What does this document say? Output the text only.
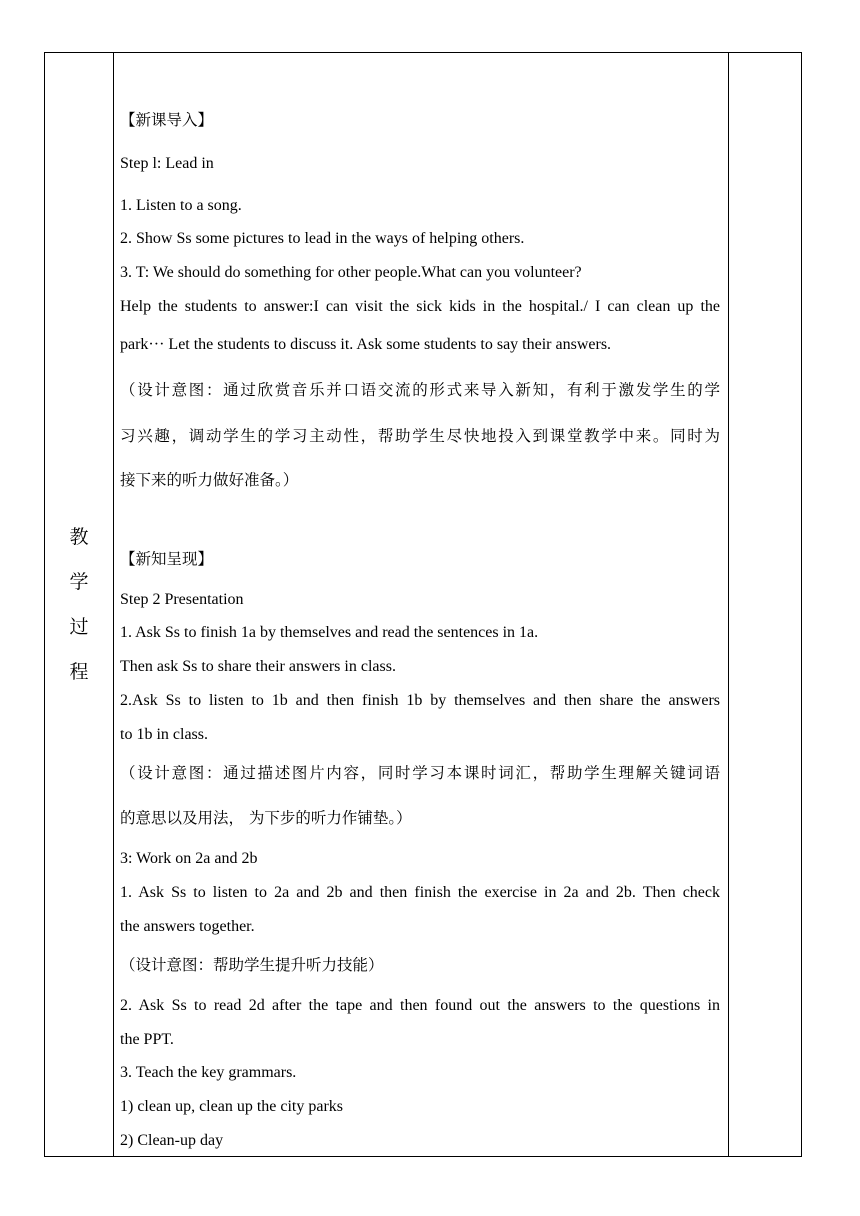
教
学
过
程
【新课导入】
Step l: Lead in
1. Listen to a song.
2. Show Ss some pictures to lead in the ways of helping others.
3. T: We should do something for other people.What can you volunteer?
Help the students to answer:I can visit the sick kids in the hospital./ I can clean up the
park··· Let the students to discuss it. Ask some students to say their answers.
（设计意图：通过欣赏音乐并口语交流的形式来导入新知，有利于激发学生的学
习兴趣，调动学生的学习主动性，帮助学生尽快地投入到课堂教学中来。同时为
接下来的听力做好准备。）
【新知呈现】
Step 2 Presentation
1. Ask Ss to finish 1a by themselves and read the sentences in 1a.
Then ask Ss to share their answers in class.
2.Ask Ss to listen to 1b and then finish 1b by themselves and then share the answers
to 1b in class.
（设计意图：通过描述图片内容，同时学习本课时词汇，帮助学生理解关键词语
的意思以及用法， 为下步的听力作铺垫。）
3: Work on 2a and 2b
1. Ask Ss to listen to 2a and 2b and then finish the exercise in 2a and 2b. Then check
the answers together.
（设计意图：帮助学生提升听力技能）
2. Ask Ss to read 2d after the tape and then found out the answers to the questions in
the PPT.
3. Teach the key grammars.
1) clean up, clean up the city parks
2) Clean-up day
